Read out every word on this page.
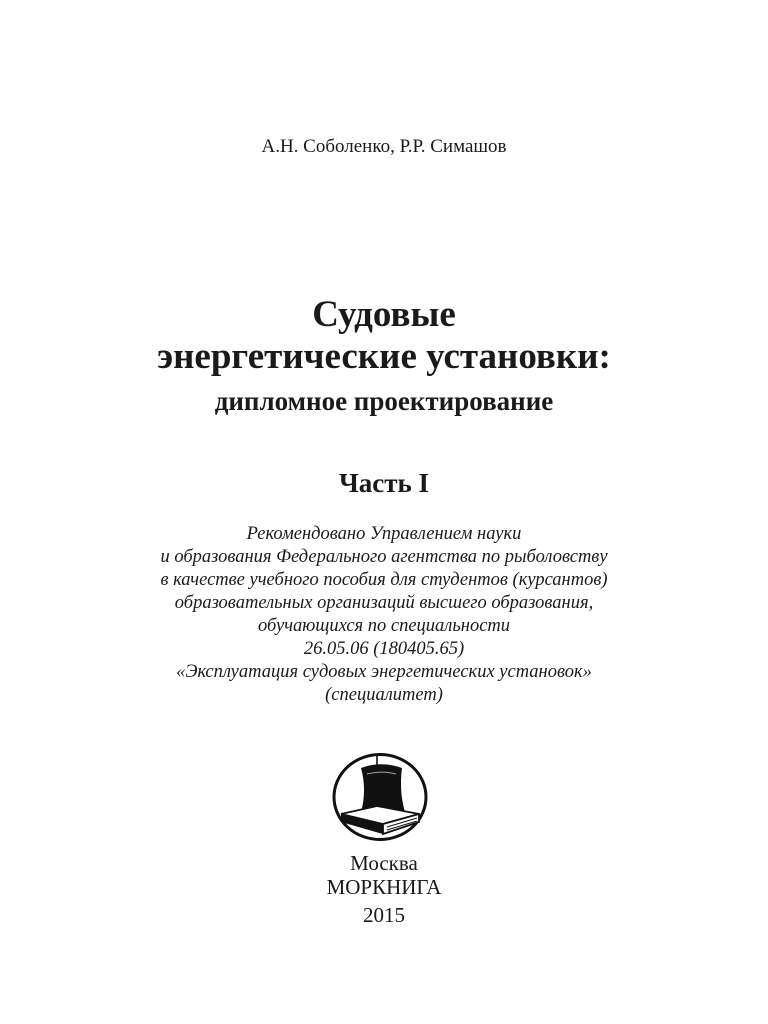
А.Н. Соболенко, Р.Р. Симашов
Судовые
энергетические установки:
дипломное проектирование
Часть I
Рекомендовано Управлением науки
и образования Федерального агентства по рыболовству
в качестве учебного пособия для студентов (курсантов)
образовательных организаций высшего образования,
обучающихся по специальности
26.05.06 (180405.65)
«Эксплуатация судовых энергетических установок»
(специалитет)
Москва
МОРКНИГА
2015
